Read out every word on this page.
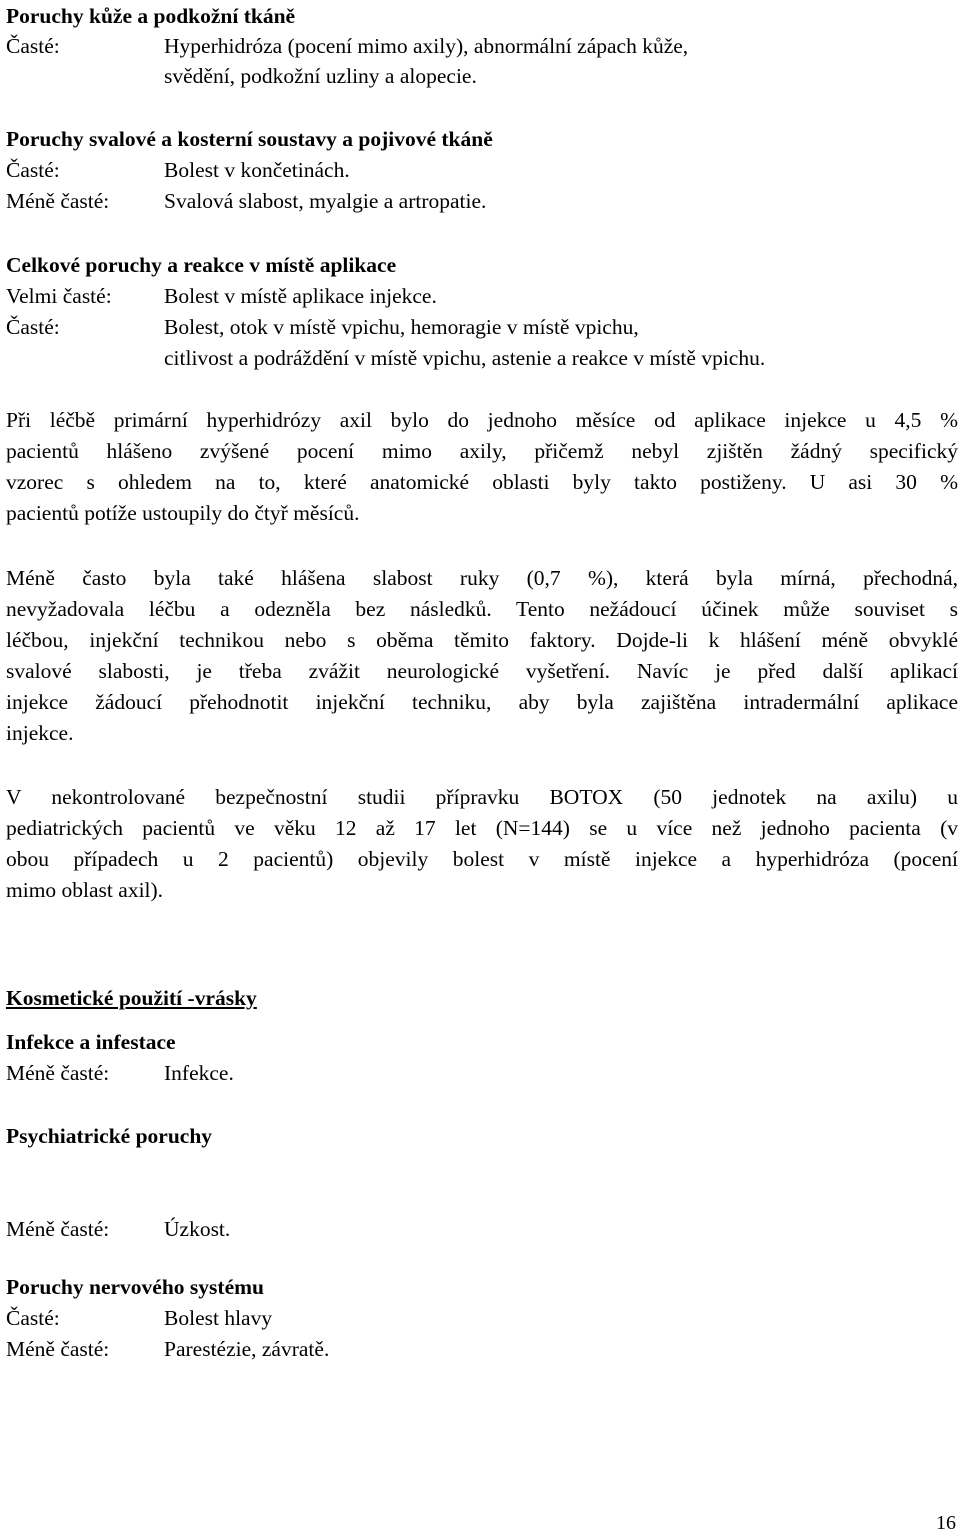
Poruchy kůže a podkožní tkáně
Časté:	Hyperhidróza (pocení mimo axily), abnormální zápach kůže,
svědění, podkožní uzliny a alopecie.
Poruchy svalové a kosterní soustavy a pojivové tkáně
Časté:	Bolest v končetinách.
Méně časté:	Svalová slabost, myalgie a artropatie.
Celkové poruchy a reakce v místě aplikace
Velmi časté: Bolest v místě aplikace injekce.
Časté:	Bolest, otok v místě vpichu, hemoragie v místě vpichu,
citlivost a podráždění v místě vpichu, astenie a reakce v místě vpichu.
Při léčbě primární hyperhidrózy axil bylo do jednoho měsíce od aplikace injekce u 4,5 %
pacientů hlášeno zvýšené pocení mimo axily, přičemž nebyl zjištěn žádný specifický
vzorec s ohledem na to, které anatomické oblasti byly takto postiženy. U asi 30 %
pacientů potíže ustoupily do čtyř měsíců.
Méně často byla také hlášena slabost ruky (0,7 %), která byla mírná, přechodná,
nevyžadovala léčbu a odezněla bez následků. Tento nežádoucí účinek může souviset s
léčbou, injekční technikou nebo s oběma těmito faktory. Dojde-li k hlášení méně obvyklé
svalové slabosti, je třeba zvážit neurologické vyšetření. Navíc je před další aplikací
injekce žádoucí přehodnotit injekční techniku, aby byla zajištěna intradermální aplikace
injekce.
V nekontrolované bezpečnostní studii přípravku BOTOX (50 jednotek na axilu) u
pediatrických pacientů ve věku 12 až 17 let (N=144) se u více než jednoho pacienta (v
obou případech u 2 pacientů) objevily bolest v místě injekce a hyperhidróza (pocení
mimo oblast axil).
Kosmetické použití -vrásky
Infekce a infestace
Méně časté:	Infekce.
Psychiatrické poruchy
Méně časté:	Úzkost.
Poruchy nervového systému
Časté:	Bolest hlavy
Méně časté:	Parestézie, závratě.
16
